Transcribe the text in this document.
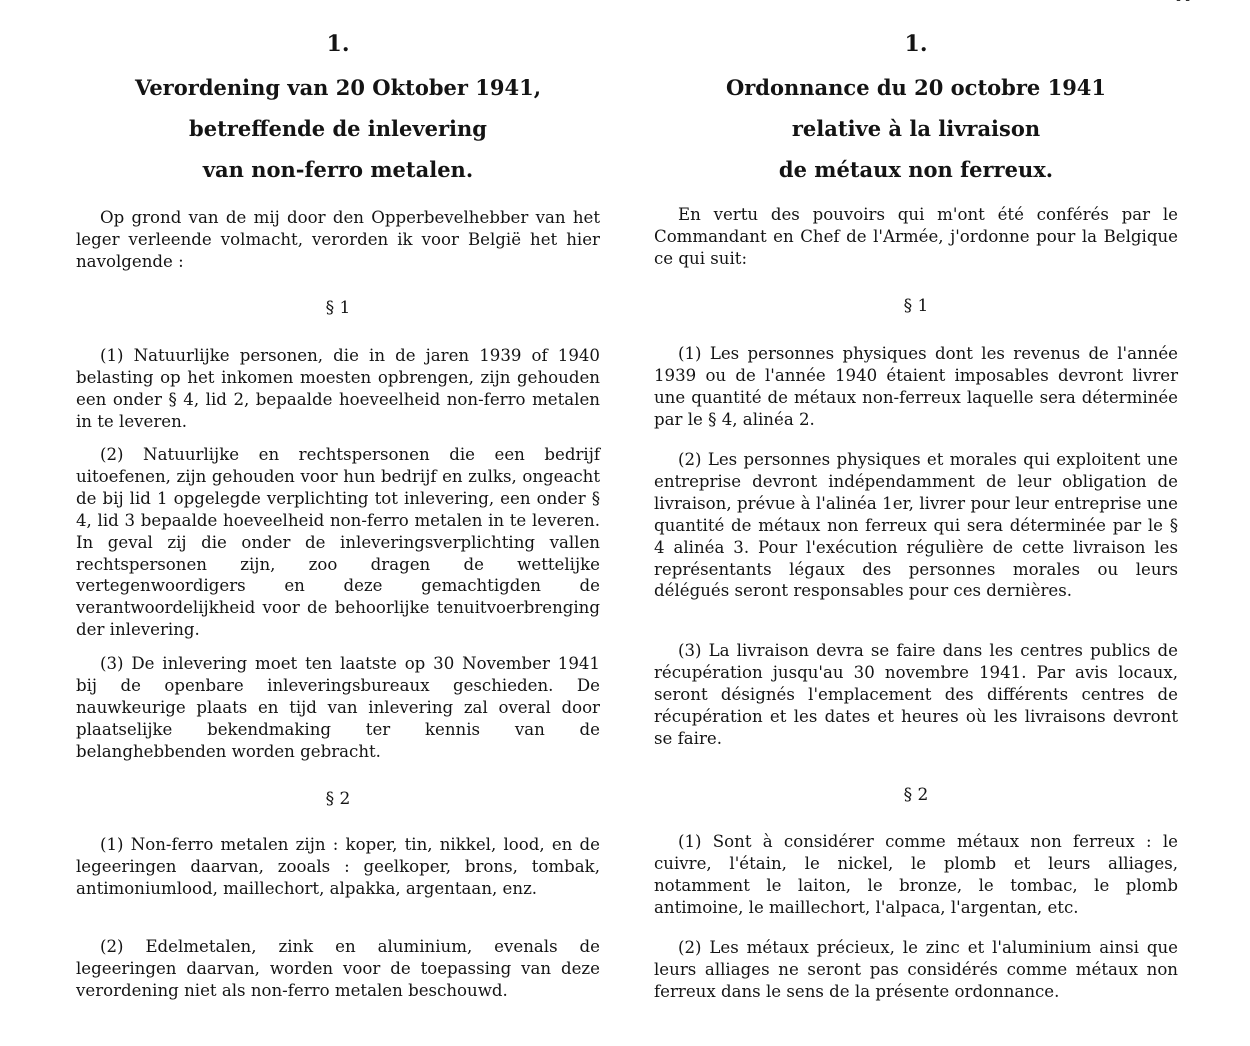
- -
1.
Verordening van 20 Oktober 1941,
betreffende de inlevering
van non-ferro metalen.

Op grond van de mij door den Opperbevelhebber van het leger verleende volmacht, verorden ik voor België het hier navolgende :

§ 1

(1) Natuurlijke personen, die in de jaren 1939 of 1940 belasting op het inkomen moesten opbrengen, zijn gehouden een onder § 4, lid 2, bepaalde hoeveelheid non-ferro metalen in te leveren.

(2) Natuurlijke en rechtspersonen die een bedrijf uitoefenen, zijn gehouden voor hun bedrijf en zulks, ongeacht de bij lid 1 opgelegde verplichting tot inlevering, een onder § 4, lid 3 bepaalde hoeveelheid non-ferro metalen in te leveren. In geval zij die onder de inleveringsverplichting vallen rechtspersonen zijn, zoo dragen de wettelijke vertegenwoordigers en deze gemachtigden de verantwoordelijkheid voor de behoorlijke tenuitvoerbrenging der inlevering.

(3) De inlevering moet ten laatste op 30 November 1941 bij de openbare inleveringsbureaux geschieden. De nauwkeurige plaats en tijd van inlevering zal overal door plaatselijke bekendmaking ter kennis van de belanghebbenden worden gebracht.

§ 2

(1) Non-ferro metalen zijn : koper, tin, nikkel, lood, en de legeeringen daarvan, zooals : geelkoper, brons, tombak, antimoniumlood, maillechort, alpakka, argentaan, enz.

(2) Edelmetalen, zink en aluminium, evenals de legeeringen daarvan, worden voor de toepassing van deze verordening niet als non-ferro metalen beschouwd.

1.
Ordonnance du 20 octobre 1941
relative à la livraison
de métaux non ferreux.

En vertu des pouvoirs qui m'ont été conférés par le Commandant en Chef de l'Armée, j'ordonne pour la Belgique ce qui suit:

§ 1

(1) Les personnes physiques dont les revenus de l'année 1939 ou de l'année 1940 étaient imposables devront livrer une quantité de métaux non-ferreux laquelle sera déterminée par le § 4, alinéa 2.

(2) Les personnes physiques et morales qui exploitent une entreprise devront indépendamment de leur obligation de livraison, prévue à l'alinéa 1er, livrer pour leur entreprise une quantité de métaux non ferreux qui sera déterminée par le § 4 alinéa 3. Pour l'exécution régulière de cette livraison les représentants légaux des personnes morales ou leurs délégués seront responsables pour ces dernières.

(3) La livraison devra se faire dans les centres publics de récupération jusqu'au 30 novembre 1941. Par avis locaux, seront désignés l'emplacement des différents centres de récupération et les dates et heures où les livraisons devront se faire.

§ 2

(1) Sont à considérer comme métaux non ferreux : le cuivre, l'étain, le nickel, le plomb et leurs alliages, notamment le laiton, le bronze, le tombac, le plomb antimoine, le maillechort, l'alpaca, l'argentan, etc.

(2) Les métaux précieux, le zinc et l'aluminium ainsi que leurs alliages ne seront pas considérés comme métaux non ferreux dans le sens de la présente ordonnance.
